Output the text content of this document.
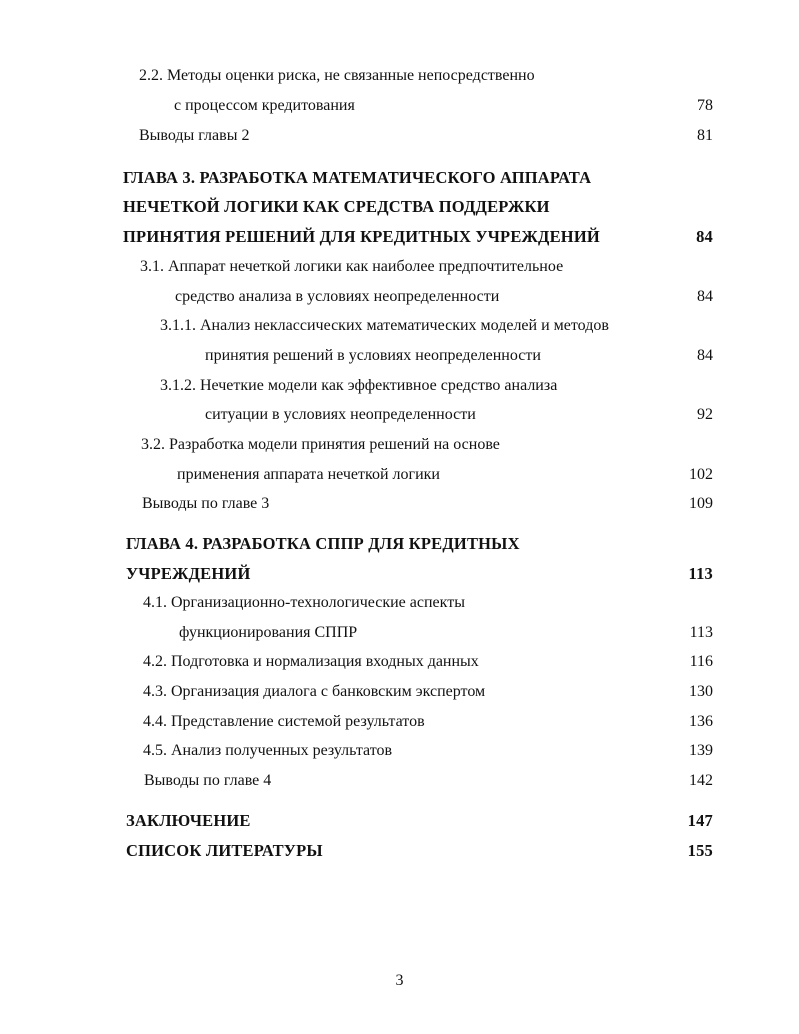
2.2. Методы оценки риска, не связанные непосредственно
с процессом кредитования	78
Выводы главы 2	81
ГЛАВА 3. РАЗРАБОТКА МАТЕМАТИЧЕСКОГО АППАРАТА
НЕЧЕТКОЙ ЛОГИКИ КАК СРЕДСТВА ПОДДЕРЖКИ
ПРИНЯТИЯ РЕШЕНИЙ ДЛЯ КРЕДИТНЫХ УЧРЕЖДЕНИЙ	84
3.1. Аппарат нечеткой логики как наиболее предпочтительное
средство анализа в условиях неопределенности	84
3.1.1. Анализ неклассических математических моделей и методов
принятия решений в условиях неопределенности	84
3.1.2. Нечеткие модели как эффективное средство анализа
ситуации в условиях неопределенности	92
3.2. Разработка модели принятия решений на основе
применения аппарата нечеткой логики	102
Выводы по главе 3	109
ГЛАВА 4. РАЗРАБОТКА СППР ДЛЯ КРЕДИТНЫХ
УЧРЕЖДЕНИЙ	113
4.1. Организационно-технологические аспекты
функционирования СППР	113
4.2. Подготовка и нормализация входных данных	116
4.3. Организация диалога с банковским экспертом	130
4.4. Представление системой результатов	136
4.5. Анализ полученных результатов	139
Выводы по главе 4	142
ЗАКЛЮЧЕНИЕ	147
СПИСОК ЛИТЕРАТУРЫ	155
3
